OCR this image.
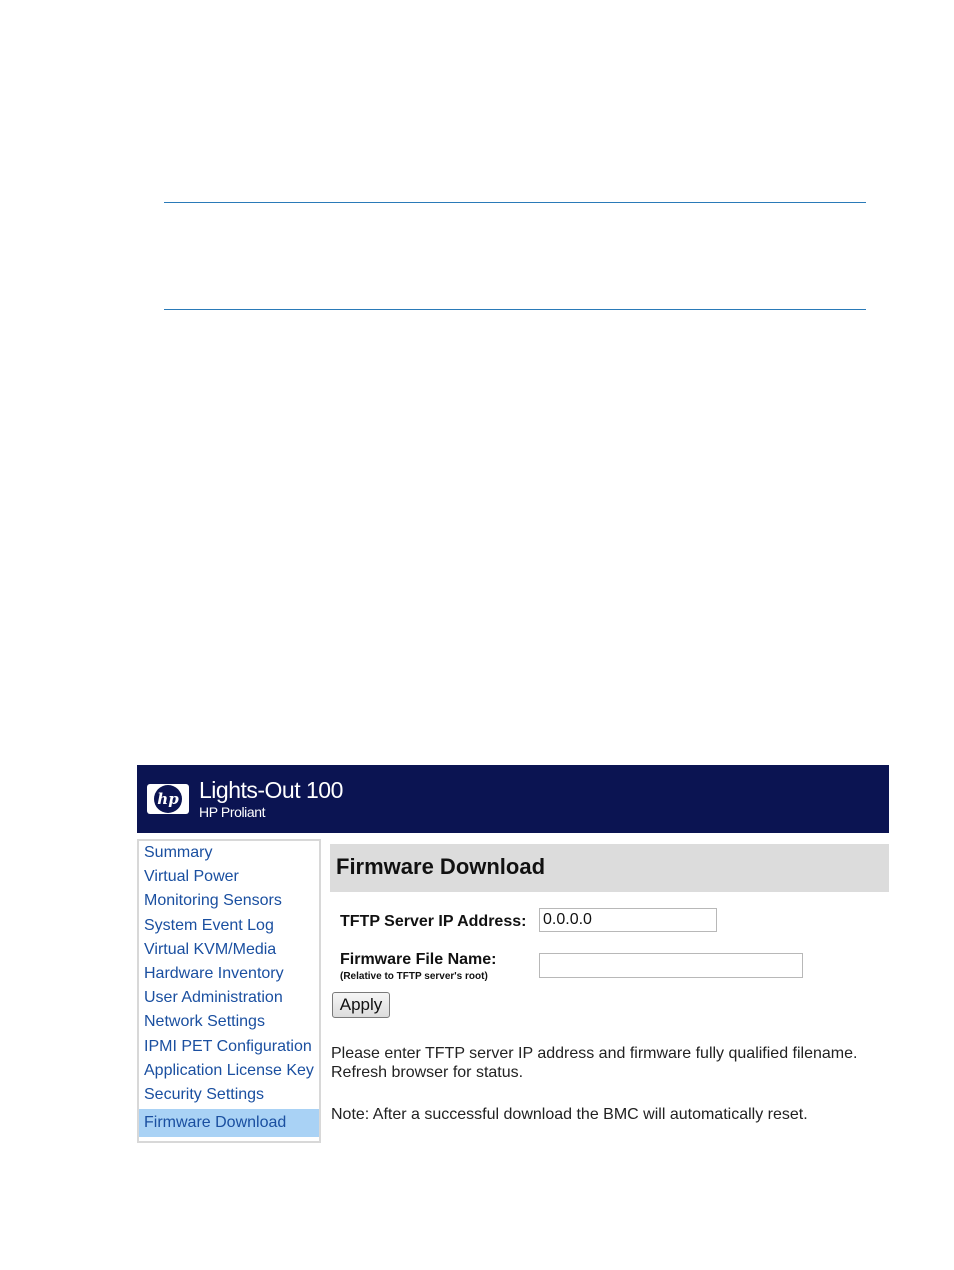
hp Lights-Out 100
HP Proliant
Summary
Virtual Power
Monitoring Sensors
System Event Log
Virtual KVM/Media
Hardware Inventory
User Administration
Network Settings
IPMI PET Configuration
Application License Key
Security Settings
Firmware Download
Firmware Download
TFTP Server IP Address:
0.0.0.0
Firmware File Name:
(Relative to TFTP server's root)
Apply
Please enter TFTP server IP address and firmware fully qualified filename.
Refresh browser for status.
Note: After a successful download the BMC will automatically reset.
